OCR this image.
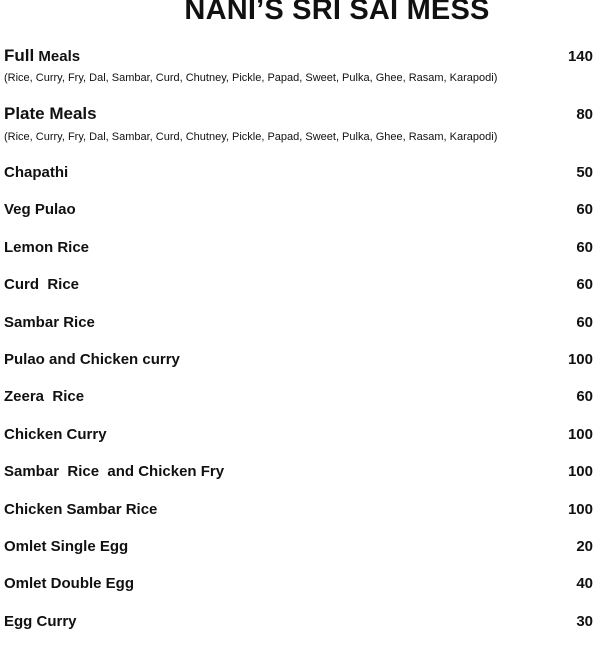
NANI’S SRI SAI MESS
Full Meals	140
(Rice, Curry, Fry, Dal, Sambar, Curd, Chutney, Pickle, Papad, Sweet, Pulka, Ghee, Rasam, Karapodi)
Plate Meals	80
(Rice, Curry, Fry, Dal, Sambar, Curd, Chutney, Pickle, Papad, Sweet, Pulka, Ghee, Rasam, Karapodi)
Chapathi	50
Veg Pulao	60
Lemon Rice	60
Curd  Rice	60
Sambar Rice	60
Pulao and Chicken curry	100
Zeera  Rice	60
Chicken Curry	100
Sambar  Rice  and Chicken Fry	100
Chicken Sambar Rice	100
Omlet Single Egg	20
Omlet Double Egg	40
Egg Curry	30
